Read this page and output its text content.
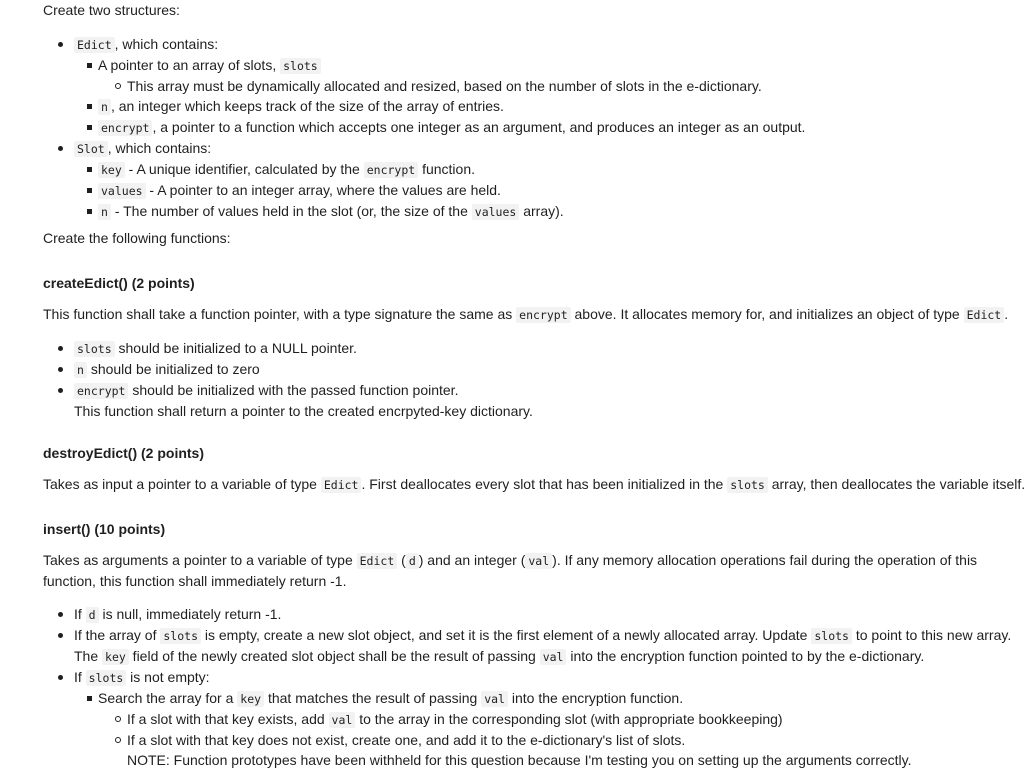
Create two structures:

Edict , which contains:
A pointer to an array of slots, slots
This array must be dynamically allocated and resized, based on the number of slots in the e-dictionary.
n , an integer which keeps track of the size of the array of entries.
encrypt , a pointer to a function which accepts one integer as an argument, and produces an integer as an output.
Slot , which contains:
key - A unique identifier, calculated by the encrypt function.
values - A pointer to an integer array, where the values are held.
n - The number of values held in the slot (or, the size of the values array).

Create the following functions:

createEdict() (2 points)

This function shall take a function pointer, with a type signature the same as encrypt above. It allocates memory for, and initializes an object of type Edict .

slots should be initialized to a NULL pointer.
n should be initialized to zero
encrypt should be initialized with the passed function pointer.
This function shall return a pointer to the created encrpyted-key dictionary.
destroyEdict() (2 points)

Takes as input a pointer to a variable of type Edict . First deallocates every slot that has been initialized in the slots array, then deallocates the variable itself.

insert() (10 points)

Takes as arguments a pointer to a variable of type Edict ( d ) and an integer ( val ). If any memory allocation operations fail during the operation of this function, this function shall immediately return -1.

If d is null, immediately return -1.
If the array of slots is empty, create a new slot object, and set it is the first element of a newly allocated array. Update slots to point to this new array.
The key field of the newly created slot object shall be the result of passing val into the encryption function pointed to by the e-dictionary.
If slots is not empty:
Search the array for a key that matches the result of passing val into the encryption function.
If a slot with that key exists, add val to the array in the corresponding slot (with appropriate bookkeeping)
If a slot with that key does not exist, create one, and add it to the e-dictionary's list of slots.
NOTE: Function prototypes have been withheld for this question because I'm testing you on setting up the arguments correctly.
